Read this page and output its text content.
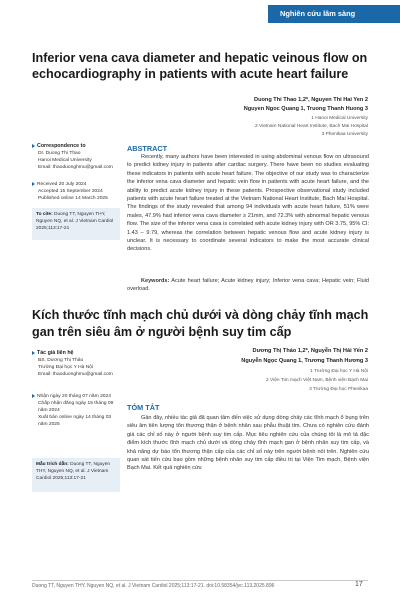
Nghiên cứu lâm sàng
Inferior vena cava diameter and hepatic veinous flow on echocardiography in patients with acute heart failure
Duong Thi Thao 1,2*, Nguyen Thi Hai Yen 2
Nguyen Ngoc Quang 1, Truong Thanh Huong 3
1 Hanoi Medical University
2 Vietnam National Heart Institute, Bach Mai Hospital
3 Phenikaa University
Correspondence to
Dr. Duong Thi Thao
Hanoi Medical University
Email: thaoduonghmu@gmail.com
Received 20 July 2024
Accepted 15 September 2024
Published online 14 March 2025
To cite: Duong TT, Nguyen THY, Nguyen NQ, et al. J Vietnam Cardiol 2025;113:17-21
ABSTRACT
Recently, many authors have been interested in using abdominal venous flow on ultrasound to predict kidney injury in patients after cardiac surgery. There have been no studies evaluating these indicators in patients with acute heart failure. The objective of our study was to characterize the inferior vena cava diameter and hepatic vein flow in patients with acute heart failure, and the ability to predict acute kidney injury in these patients. Prospective observational study included patients with acute heart failure treated at the Vietnam National Heart Institute, Bach Mai Hospital. The findings of the study revealed that among 94 individuals with acute heart failure, 51% were males, 47.9% had inferior vena cava diameter ≥ 21mm, and 72.3% with abnormal hepatic venous flow. The size of the inferior vena cava is correlated with acute kidney injury with OR 3.75, 95% CI: 1.43 – 9.79, whereas the correlation between hepatic venous flow and acute kidney injury is unclear. It is necessary to coordinate several indicators to make the most accurate clinical decisions.
Keywords: Acute heart failure; Acute kidney injury; Inferior vena cava; Hepatic vein; Fluid overload.
Kích thước tĩnh mạch chủ dưới và dòng chảy tĩnh mạch gan trên siêu âm ở người bệnh suy tim cấp
Dương Thị Thảo 1,2*, Nguyễn Thị Hải Yến 2
Nguyễn Ngọc Quang 1, Trương Thanh Hương 3
1 Trường Đại học Y Hà Nội
2 Viện Tim mạch Việt Nam, Bệnh viện Bạch Mai
3 Trường Đại học Phenikaa
Tác giả liên hệ
BS. Dương Thị Thảo
Trường Đại học Y Hà Nội
Email: thaoduonghmu@gmail.com
Nhận ngày 20 tháng 07 năm 2024
Chấp nhận đăng ngày 15 tháng 09 năm 2024
Xuất bản online ngày 14 tháng 03 năm 2025
Mẫu trích dẫn: Duong TT, Nguyen THY, Nguyen NQ, et al. J Vietnam Cardiol 2025;113:17-21
TÓM TẮT
Gần đây, nhiều tác giả đã quan tâm đến việc sử dụng dòng chảy các tĩnh mạch ổ bụng trên siêu âm tiên lượng tổn thương thận ở bệnh nhân sau phẫu thuật tim. Chưa có nghiên cứu đánh giá các chỉ số này ở người bệnh suy tim cấp. Mục tiêu nghiên cứu của chúng tôi là mô tả đặc điểm kích thước tĩnh mạch chủ dưới và dòng chảy tĩnh mạch gan ở bệnh nhân suy tim cấp, và khả năng dự báo tổn thương thận cấp của các chỉ số này trên người bệnh nói trên. Nghiên cứu quan sát tiến cứu bao gồm những bệnh nhân suy tim cấp điều trị tại Viện Tim mạch, Bệnh viện Bạch Mai. Kết quả nghiên cứu
Duong TT, Nguyen THY, Nguyen NQ, et al. J Vietnam Cardiol 2025;113:17-21. doi:10.58354/jvc.113.2025.896	17
